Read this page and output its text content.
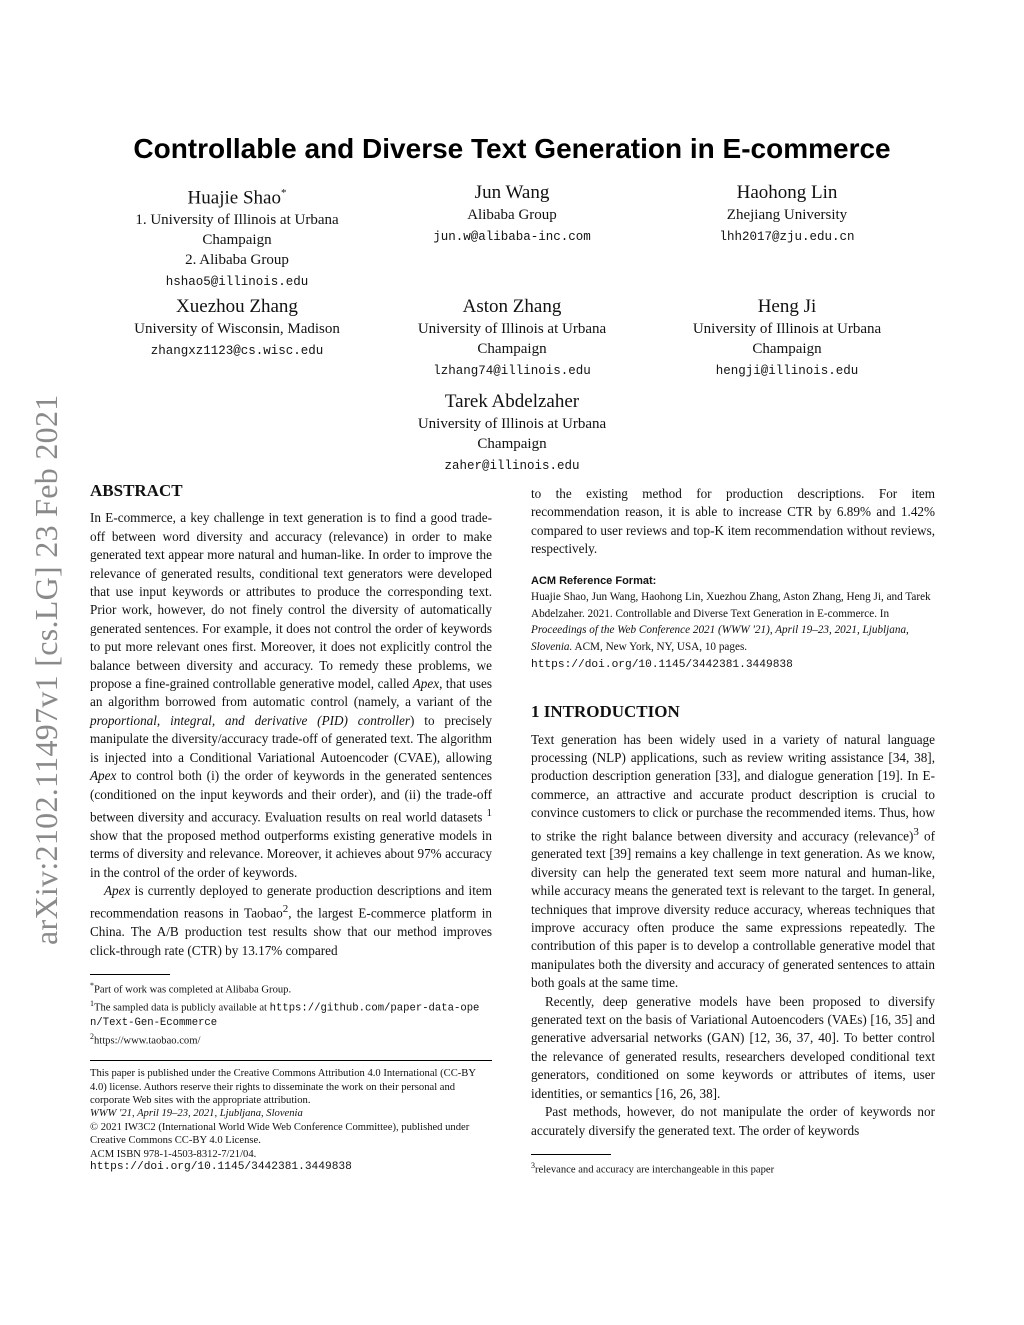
arXiv:2102.11497v1 [cs.LG] 23 Feb 2021
Controllable and Diverse Text Generation in E-commerce
Huajie Shao*
1. University of Illinois at Urbana
Champaign
2. Alibaba Group
hshao5@illinois.edu
Jun Wang
Alibaba Group
jun.w@alibaba-inc.com
Haohong Lin
Zhejiang University
lhh2017@zju.edu.cn
Xuezhou Zhang
University of Wisconsin, Madison
zhangxz1123@cs.wisc.edu
Aston Zhang
University of Illinois at Urbana
Champaign
lzhang74@illinois.edu
Heng Ji
University of Illinois at Urbana
Champaign
hengji@illinois.edu
Tarek Abdelzaher
University of Illinois at Urbana
Champaign
zaher@illinois.edu
ABSTRACT

In E-commerce, a key challenge in text generation is to find a good trade-off between word diversity and accuracy (relevance) in order to make generated text appear more natural and human-like. In order to improve the relevance of generated results, conditional text generators were developed that use input keywords or attributes to produce the corresponding text. Prior work, however, do not finely control the diversity of automatically generated sentences. For example, it does not control the order of keywords to put more relevant ones first. Moreover, it does not explicitly control the balance between diversity and accuracy. To remedy these problems, we propose a fine-grained controllable generative model, called Apex, that uses an algorithm borrowed from automatic control (namely, a variant of the proportional, integral, and derivative (PID) controller) to precisely manipulate the diversity/accuracy trade-off of generated text. The algorithm is injected into a Conditional Variational Autoencoder (CVAE), allowing Apex to control both (i) the order of keywords in the generated sentences (conditioned on the input keywords and their order), and (ii) the trade-off between diversity and accuracy. Evaluation results on real world datasets $^1$ show that the proposed method outperforms existing generative models in terms of diversity and relevance. Moreover, it achieves about 97% accuracy in the control of the order of keywords.

Apex is currently deployed to generate production descriptions and item recommendation reasons in Taobao$^2$, the largest E-commerce platform in China. The A/B production test results show that our method improves click-through rate (CTR) by 13.17% compared

*Part of work was completed at Alibaba Group.
$^1$The sampled data is publicly available at https://github.com/paper-data-open/Text-Gen-Ecommerce
$^2$https://www.taobao.com/
This paper is published under the Creative Commons Attribution 4.0 International (CC-BY 4.0) license. Authors reserve their rights to disseminate the work on their personal and corporate Web sites with the appropriate attribution.
WWW '21, April 19–23, 2021, Ljubljana, Slovenia
© 2021 IW3C2 (International World Wide Web Conference Committee), published under Creative Commons CC-BY 4.0 License.
ACM ISBN 978-1-4503-8312-7/21/04.
https://doi.org/10.1145/3442381.3449838

to the existing method for production descriptions. For item recommendation reason, it is able to increase CTR by 6.89% and 1.42% compared to user reviews and top-K item recommendation without reviews, respectively.

ACM Reference Format:
Huajie Shao, Jun Wang, Haohong Lin, Xuezhou Zhang, Aston Zhang, Heng Ji, and Tarek Abdelzaher. 2021. Controllable and Diverse Text Generation in E-commerce. In Proceedings of the Web Conference 2021 (WWW '21), April 19–23, 2021, Ljubljana, Slovenia. ACM, New York, NY, USA, 10 pages. https://doi.org/10.1145/3442381.3449838
1 INTRODUCTION

Text generation has been widely used in a variety of natural language processing (NLP) applications, such as review writing assistance [34, 38], production description generation [33], and dialogue generation [19]. In E-commerce, an attractive and accurate product description is crucial to convince customers to click or purchase the recommended items. Thus, how to strike the right balance between diversity and accuracy (relevance)$^3$ of generated text [39] remains a key challenge in text generation. As we know, diversity can help the generated text seem more natural and human-like, while accuracy means the generated text is relevant to the target. In general, techniques that improve diversity reduce accuracy, whereas techniques that improve accuracy often produce the same expressions repeatedly. The contribution of this paper is to develop a controllable generative model that manipulates both the diversity and accuracy of generated sentences to attain both goals at the same time.

Recently, deep generative models have been proposed to diversify generated text on the basis of Variational Autoencoders (VAEs) [16, 35] and generative adversarial networks (GAN) [12, 36, 37, 40]. To better control the relevance of generated results, researchers developed conditional text generators, conditioned on some keywords or attributes of items, user identities, or semantics [16, 26, 38].

Past methods, however, do not manipulate the order of keywords nor accurately diversify the generated text. The order of keywords

$^3$relevance and accuracy are interchangeable in this paper
